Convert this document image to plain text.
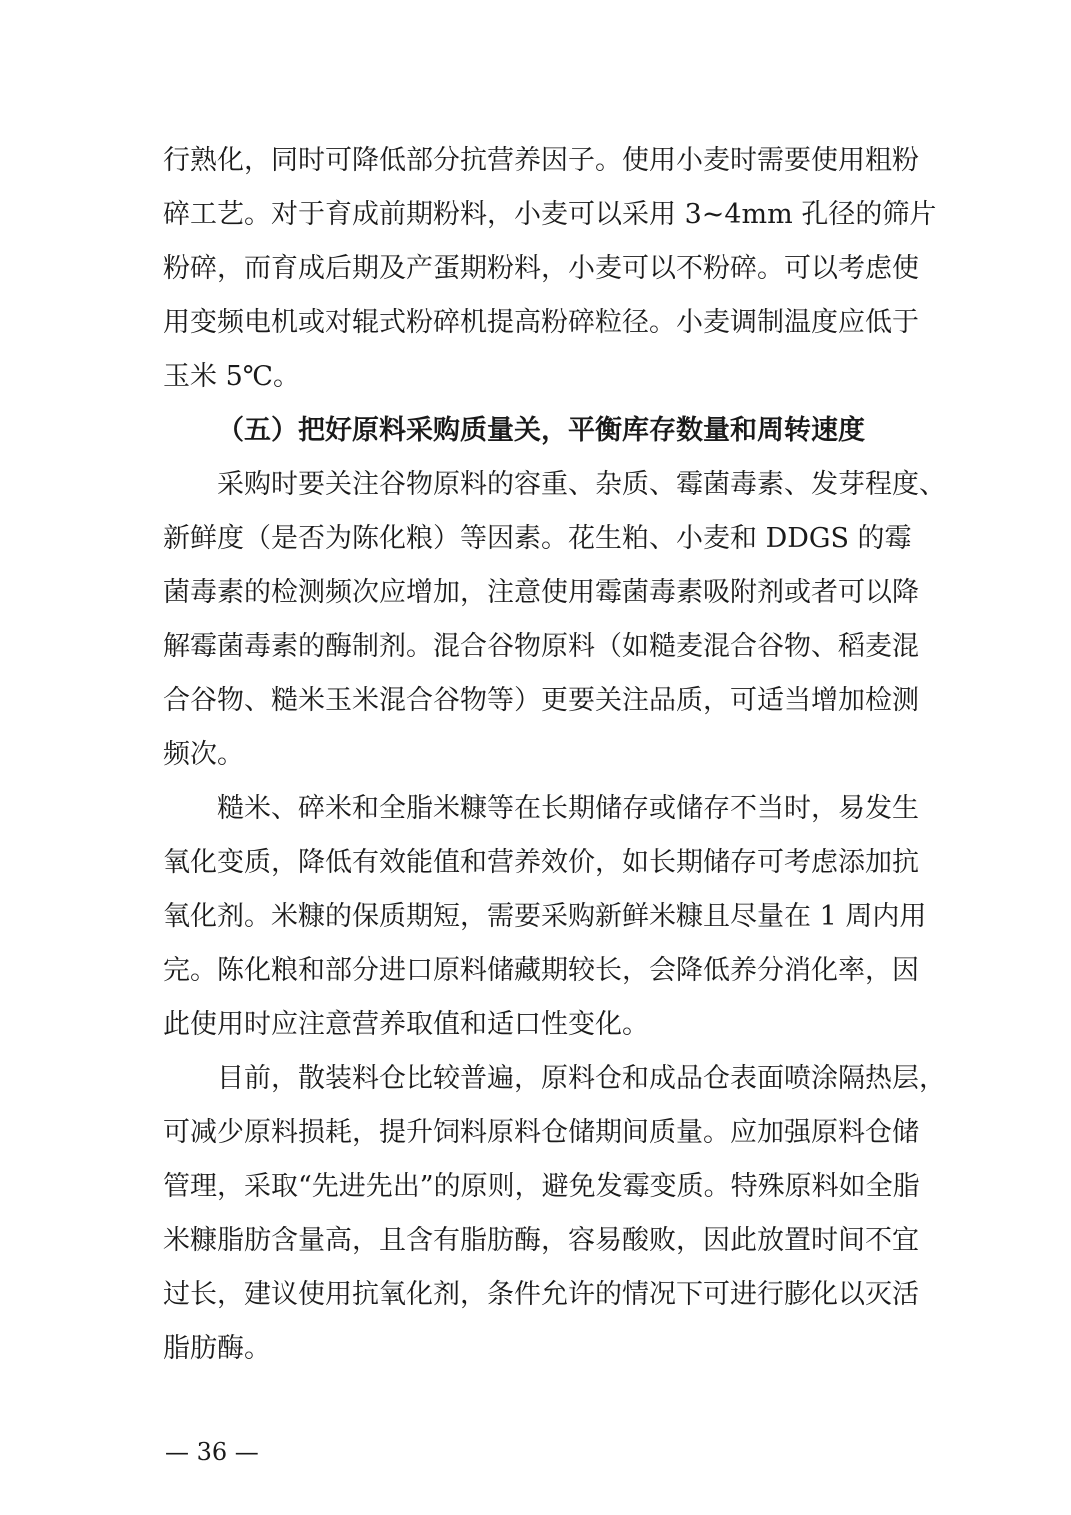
行熟化，同时可降低部分抗营养因子。使用小麦时需要使用粗粉
碎工艺。对于育成前期粉料，小麦可以采用 3~4mm 孔径的筛片
粉碎，而育成后期及产蛋期粉料，小麦可以不粉碎。可以考虑使
用变频电机或对辊式粉碎机提高粉碎粒径。小麦调制温度应低于
玉米 5℃。
（五）把好原料采购质量关，平衡库存数量和周转速度
采购时要关注谷物原料的容重、杂质、霉菌毒素、发芽程度、
新鲜度（是否为陈化粮）等因素。花生粕、小麦和 DDGS 的霉
菌毒素的检测频次应增加，注意使用霉菌毒素吸附剂或者可以降
解霉菌毒素的酶制剂。混合谷物原料（如糙麦混合谷物、稻麦混
合谷物、糙米玉米混合谷物等）更要关注品质，可适当增加检测
频次。
糙米、碎米和全脂米糠等在长期储存或储存不当时，易发生
氧化变质，降低有效能值和营养效价，如长期储存可考虑添加抗
氧化剂。米糠的保质期短，需要采购新鲜米糠且尽量在 1 周内用
完。陈化粮和部分进口原料储藏期较长，会降低养分消化率，因
此使用时应注意营养取值和适口性变化。
目前，散装料仓比较普遍，原料仓和成品仓表面喷涂隔热层，
可减少原料损耗，提升饲料原料仓储期间质量。应加强原料仓储
管理，采取“先进先出”的原则，避免发霉变质。特殊原料如全脂
米糠脂肪含量高，且含有脂肪酶，容易酸败，因此放置时间不宜
过长，建议使用抗氧化剂，条件允许的情况下可进行膨化以灭活
脂肪酶。
— 36 —
